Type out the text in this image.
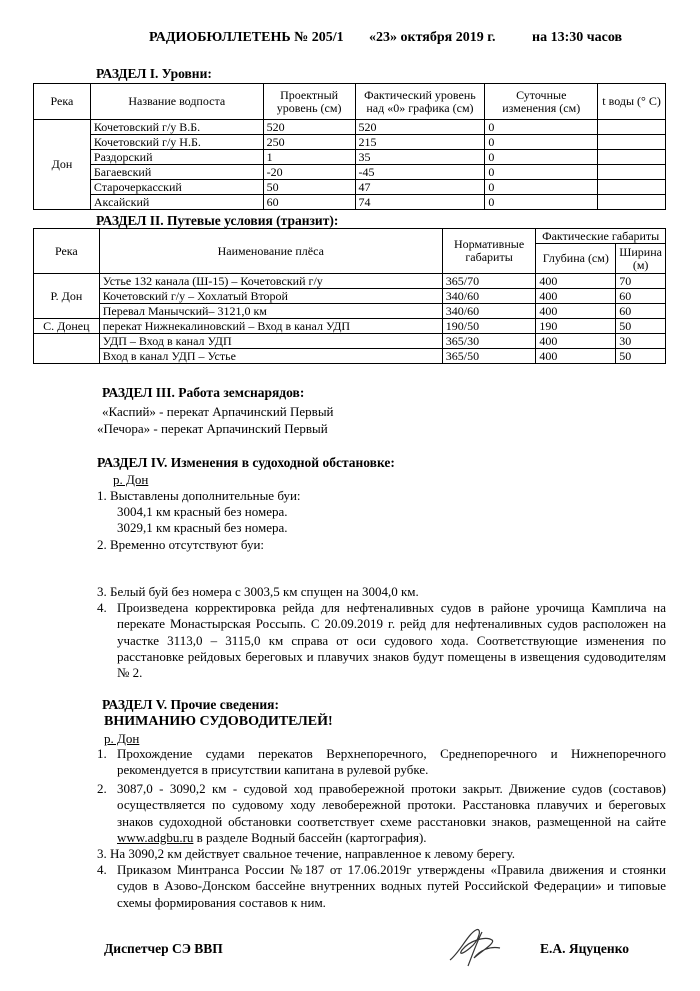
РАДИОБЮЛЛЕТЕНЬ № 205/1 «23» октября 2019 г.	на 13:30 часов
РАЗДЕЛ I. Уровни:
Река	Название водпоста	Проектный уровень (см)	Фактический уровень над «0» графика (см)	Суточные изменения (см)	t воды (° С)
Дон	Кочетовский г/у В.Б.	520	520	0	
	Кочетовский г/у Н.Б.	250	215	0	
	Раздорский	1	35	0	
	Багаевский	-20	-45	0	
	Старочеркасский	50	47	0	
	Аксайский	60	74	0	
РАЗДЕЛ II. Путевые условия (транзит):
Река	Наименование плёса	Нормативные габариты	Фактические габариты	
			Глубина (см)	Ширина (м)
Р. Дон	Устье 132 канала (Ш-15) – Кочетовский г/у	365/70	400	70
	Кочетовский г/у – Хохлатый Второй	340/60	400	60
	Перевал Манычский– 3121,0 км	340/60	400	60
С. Донец	перекат Нижнекалиновский – Вход в канал УДП	190/50	190	50
	УДП – Вход в канал УДП	365/30	400	30
	Вход в канал УДП – Устье	365/50	400	50
РАЗДЕЛ III. Работа земснарядов:
«Каспий» - перекат Арпачинский Первый
«Печора» - перекат Арпачинский Первый
РАЗДЕЛ IV. Изменения в судоходной обстановке:
р. Дон
1. Выставлены дополнительные буи:
3004,1 км красный без номера.
3029,1 км красный без номера.
2. Временно отсутствуют буи:
3. Белый буй без номера с 3003,5 км спущен на 3004,0 км.
4. Произведена корректировка рейда для нефтеналивных судов в районе урочища Камплича на перекате Монастырская Россыпь. С 20.09.2019 г. рейд для нефтеналивных судов расположен на участке 3113,0 – 3115,0 км справа от оси судового хода. Соответствующие изменения по расстановке рейдовых береговых и плавучих знаков будут помещены в извещения судоводителям № 2.
РАЗДЕЛ V. Прочие сведения:
ВНИМАНИЮ СУДОВОДИТЕЛЕЙ!
р. Дон
1. Прохождение судами перекатов Верхнепоречного, Среднепоречного и Нижнепоречного рекомендуется в присутствии капитана в рулевой рубке.
2. 3087,0 - 3090,2 км - судовой ход правобережной протоки закрыт. Движение судов (составов) осуществляется по судовому ходу левобережной протоки. Расстановка плавучих и береговых знаков судоходной обстановки соответствует схеме расстановки знаков, размещенной на сайте www.adgbu.ru в разделе Водный бассейн (картография).
3. На 3090,2 км действует свальное течение, направленное к левому берегу.
4. Приказом Минтранса России №187 от 17.06.2019г утверждены «Правила движения и стоянки судов в Азово-Донском бассейне внутренних водных путей Российской Федерации» и типовые схемы формирования составов к ним.
Диспетчер СЭ ВВП	Е.А. Яцуценко
